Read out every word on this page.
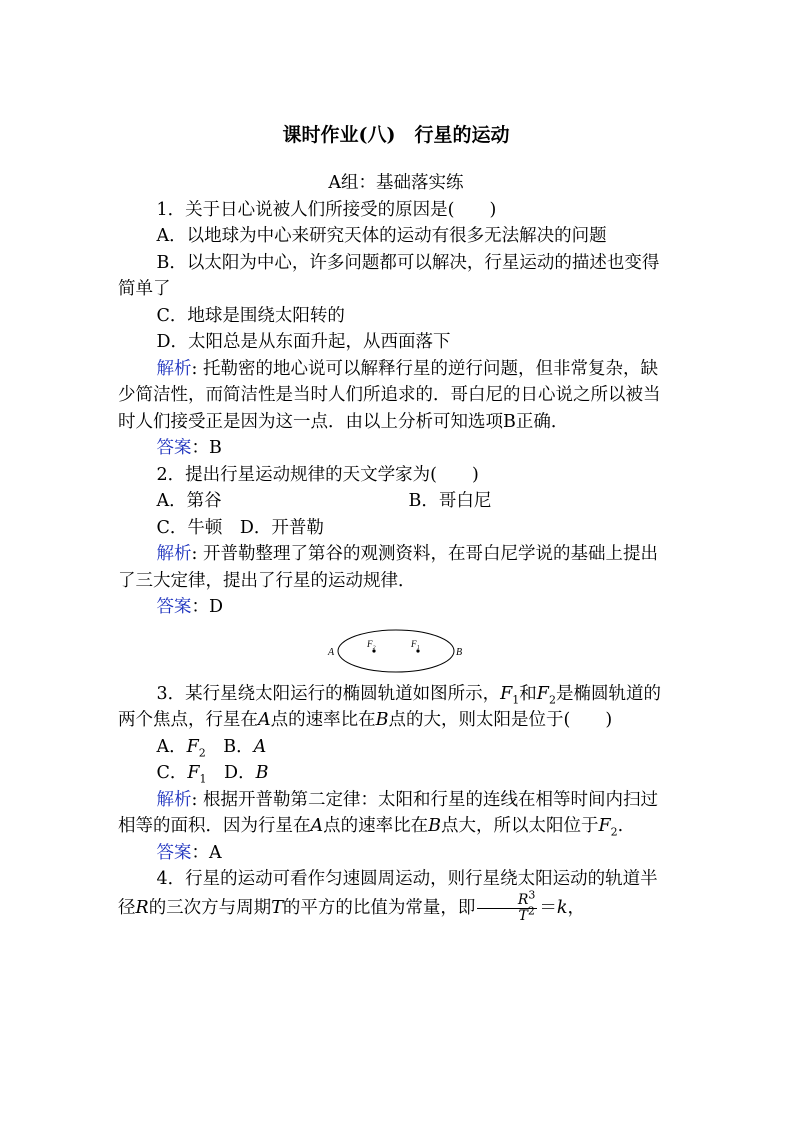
课时作业(八)　行星的运动

A组：基础落实练

1．关于日心说被人们所接受的原因是(　　)

A．以地球为中心来研究天体的运动有很多无法解决的问题

B．以太阳为中心，许多问题都可以解决，行星运动的描述也变得简单了

C．地球是围绕太阳转的

D．太阳总是从东面升起，从西面落下

解析: 托勒密的地心说可以解释行星的逆行问题，但非常复杂，缺少简洁性，而简洁性是当时人们所追求的．哥白尼的日心说之所以被当时人们接受正是因为这一点．由以上分析可知选项B正确．

答案：B

2．提出行星运动规律的天文学家为(　　)

A．第谷	B．哥白尼

C．牛顿　D．开普勒

解析: 开普勒整理了第谷的观测资料，在哥白尼学说的基础上提出了三大定律，提出了行星的运动规律．

答案：D

A	B
F₂	F₁

3．某行星绕太阳运行的椭圆轨道如图所示，$F_1$和$F_2$是椭圆轨道的两个焦点，行星在A点的速率比在B点的大，则太阳是位于(　　)

A．$F_2$　B．A

C．$F_1$　D．B

解析: 根据开普勒第二定律：太阳和行星的连线在相等时间内扫过相等的面积．因为行星在A点的速率比在B点大，所以太阳位于$F_2$.

答案：A

4．行星的运动可看作匀速圆周运动，则行星绕太阳运动的轨道半径R的三次方与周期T的平方的比值为常量，即 $\frac{R^3}{T^2} =k$，
